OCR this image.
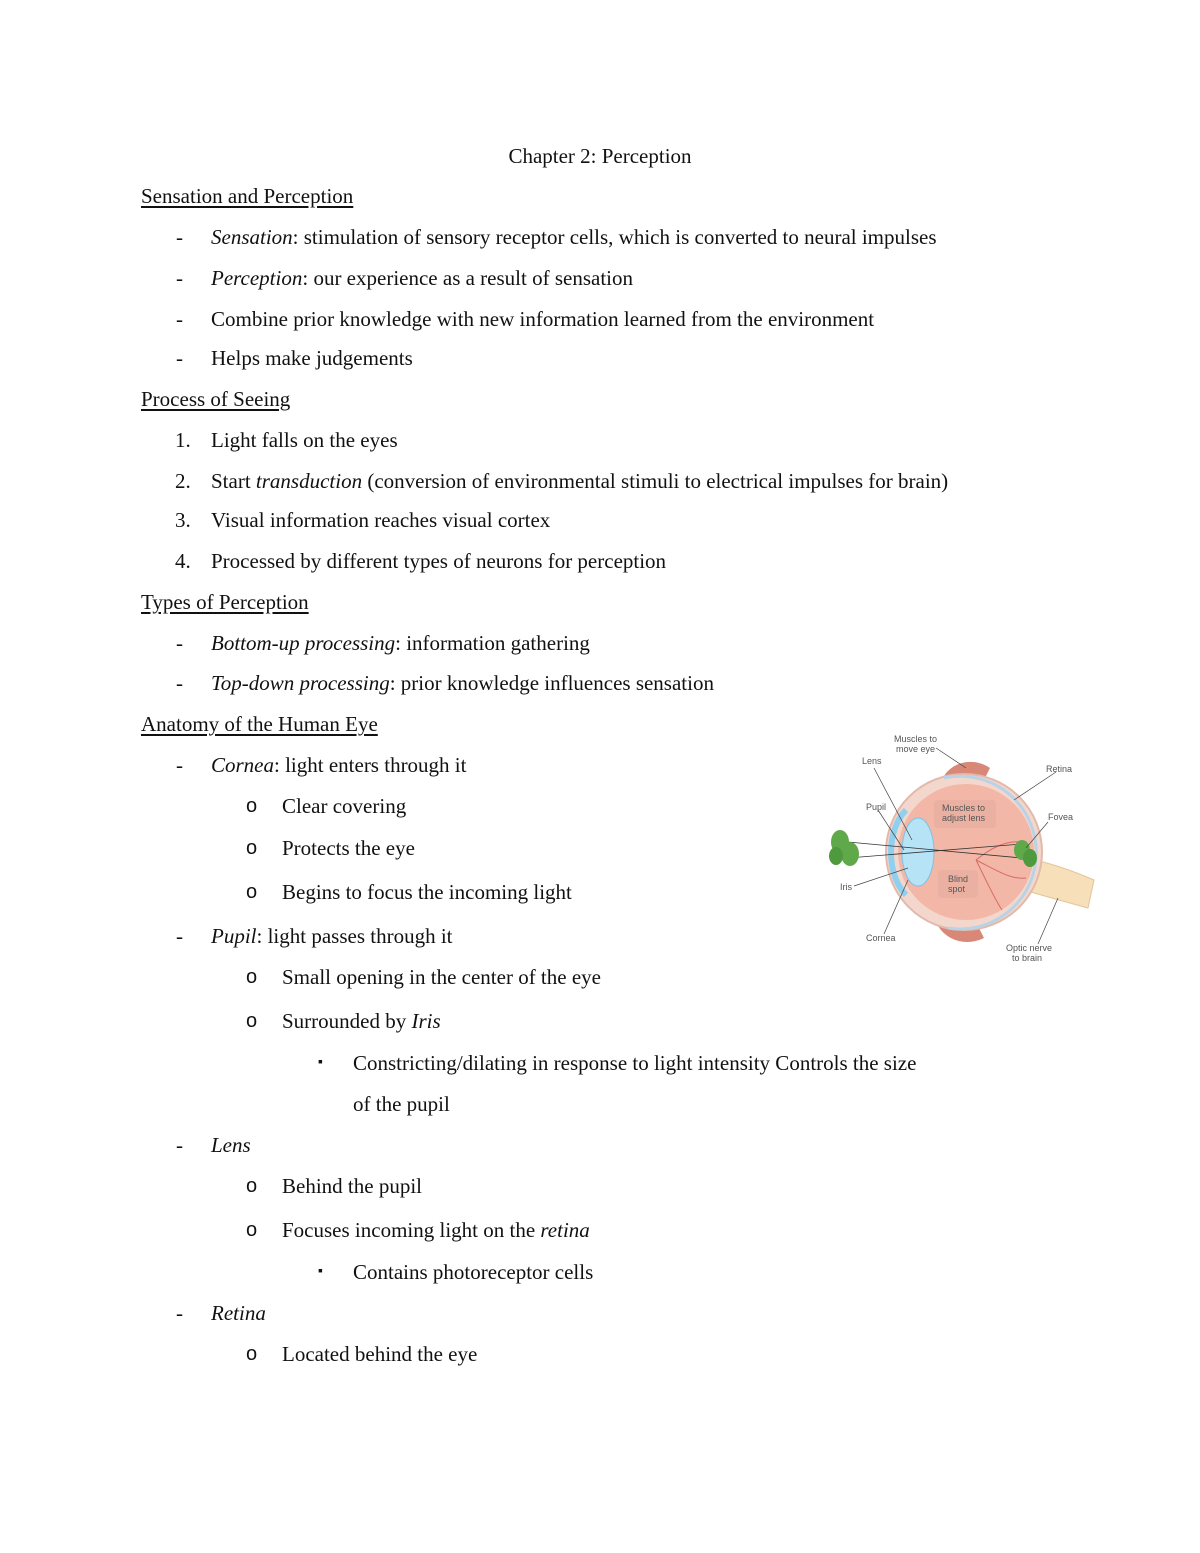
Chapter 2: Perception
Sensation and Perception
- Sensation: stimulation of sensory receptor cells, which is converted to neural impulses
- Perception: our experience as a result of sensation
- Combine prior knowledge with new information learned from the environment
- Helps make judgements
Process of Seeing
1. Light falls on the eyes
2. Start transduction (conversion of environmental stimuli to electrical impulses for brain)
3. Visual information reaches visual cortex
4. Processed by different types of neurons for perception
Types of Perception
- Bottom-up processing: information gathering
- Top-down processing: prior knowledge influences sensation
Anatomy of the Human Eye
- Cornea: light enters through it
o Clear covering
o Protects the eye
o Begins to focus the incoming light
- Pupil: light passes through it
o Small opening in the center of the eye
o Surrounded by Iris
▪ Constricting/dilating in response to light intensity Controls the size
of the pupil
- Lens
o Behind the pupil
o Focuses incoming light on the retina
▪ Contains photoreceptor cells
- Retina
o Located behind the eye
Muscles to
move eye
Lens
Retina
Pupil	Muscles to
adjust lens	Fovea
Iris
Blind
spot
Cornea
Optic nerve
to brain
